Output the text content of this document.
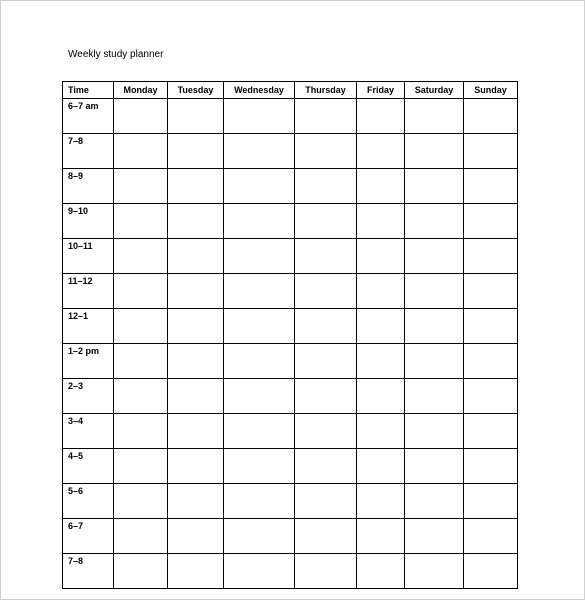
Weekly study planner
Time	Monday	Tuesday	Wednesday	Thursday	Friday	Saturday	Sunday
6–7 am							
7–8							
8–9							
9–10							
10–11							
11–12							
12–1							
1–2 pm							
2–3							
3–4							
4–5							
5–6							
6–7							
7–8							
